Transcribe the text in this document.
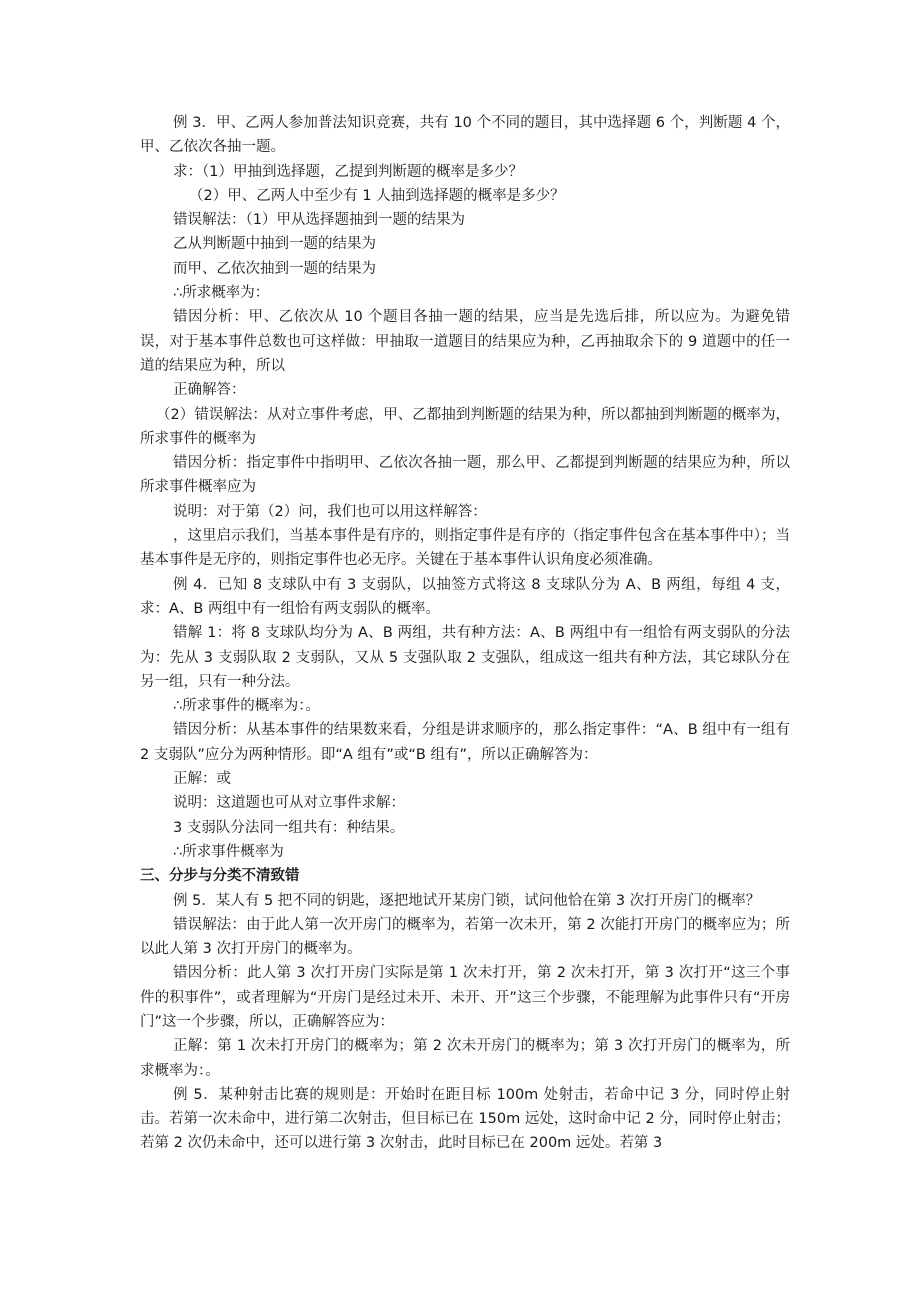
例 3．甲、乙两人参加普法知识竞赛，共有 10 个不同的题目，其中选择题 6 个，判断题 4 个，甲、乙依次各抽一题。

求：（1）甲抽到选择题，乙提到判断题的概率是多少？

（2）甲、乙两人中至少有 1 人抽到选择题的概率是多少？

错误解法：（1）甲从选择题抽到一题的结果为

乙从判断题中抽到一题的结果为

而甲、乙依次抽到一题的结果为

∴所求概率为：

错因分析：甲、乙依次从 10 个题目各抽一题的结果，应当是先选后排，所以应为。为避免错误，对于基本事件总数也可这样做：甲抽取一道题目的结果应为种，乙再抽取余下的 9 道题中的任一道的结果应为种，所以

正确解答：

（2）错误解法：从对立事件考虑，甲、乙都抽到判断题的结果为种，所以都抽到判断题的概率为，所求事件的概率为

错因分析：指定事件中指明甲、乙依次各抽一题，那么甲、乙都提到判断题的结果应为种，所以所求事件概率应为

说明：对于第（2）问，我们也可以用这样解答：

，这里启示我们，当基本事件是有序的，则指定事件是有序的（指定事件包含在基本事件中）；当基本事件是无序的，则指定事件也必无序。关键在于基本事件认识角度必须准确。

例 4．已知 8 支球队中有 3 支弱队，以抽签方式将这 8 支球队分为 A、B 两组，每组 4 支，求：A、B 两组中有一组恰有两支弱队的概率。

错解 1：将 8 支球队均分为 A、B 两组，共有种方法：A、B 两组中有一组恰有两支弱队的分法为：先从 3 支弱队取 2 支弱队，又从 5 支强队取 2 支强队，组成这一组共有种方法，其它球队分在另一组，只有一种分法。

∴所求事件的概率为：。

错因分析：从基本事件的结果数来看，分组是讲求顺序的，那么指定事件：“A、B 组中有一组有 2 支弱队”应分为两种情形。即“A 组有”或“B 组有”，所以正确解答为：

正解：或

说明：这道题也可从对立事件求解：

3 支弱队分法同一组共有：种结果。

∴所求事件概率为

三、分步与分类不清致错

例 5．某人有 5 把不同的钥匙，逐把地试开某房门锁，试问他恰在第 3 次打开房门的概率？

错误解法：由于此人第一次开房门的概率为，若第一次未开，第 2 次能打开房门的概率应为；所以此人第 3 次打开房门的概率为。

错因分析：此人第 3 次打开房门实际是第 1 次未打开，第 2 次未打开，第 3 次打开“这三个事件的积事件”，或者理解为“开房门是经过未开、未开、开”这三个步骤，不能理解为此事件只有“开房门”这一个步骤，所以，正确解答应为：

正解：第 1 次未打开房门的概率为；第 2 次未开房门的概率为；第 3 次打开房门的概率为，所求概率为：。

例 5．某种射击比赛的规则是：开始时在距目标 100m 处射击，若命中记 3 分，同时停止射击。若第一次未命中，进行第二次射击，但目标已在 150m 远处，这时命中记 2 分，同时停止射击；若第 2 次仍未命中，还可以进行第 3 次射击，此时目标已在 200m 远处。若第 3
